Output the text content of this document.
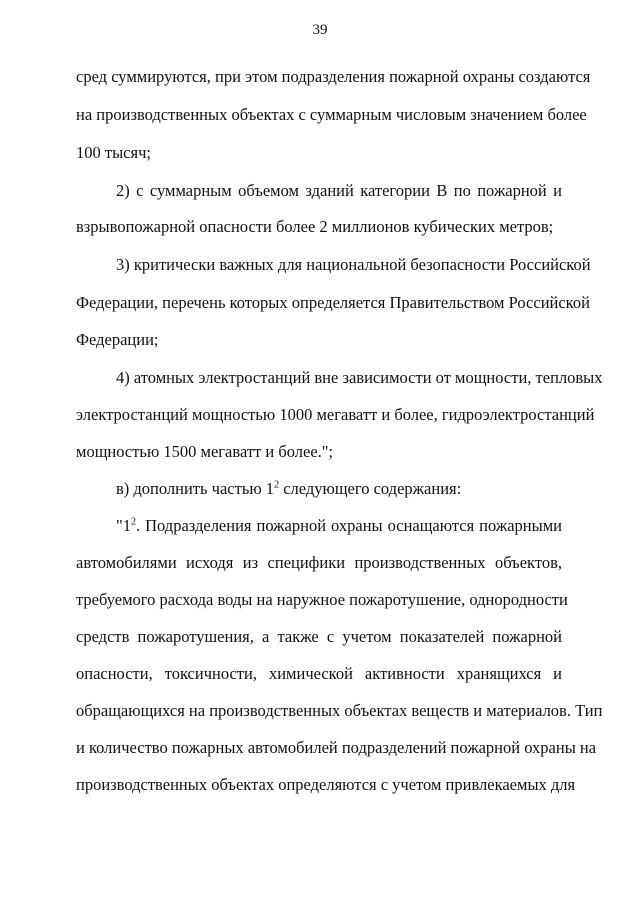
39
сред суммируются, при этом подразделения пожарной охраны создаются
на производственных объектах с суммарным числовым значением более
100 тысяч;
2) с суммарным объемом зданий категории В по пожарной и
взрывопожарной опасности более 2 миллионов кубических метров;
3) критически важных для национальной безопасности Российской
Федерации, перечень которых определяется Правительством Российской
Федерации;
4) атомных электростанций вне зависимости от мощности, тепловых
электростанций мощностью 1000 мегаватт и более, гидроэлектростанций
мощностью 1500 мегаватт и более.";
в) дополнить частью $1^2$ следующего содержания:
"$1^2$. Подразделения пожарной охраны оснащаются пожарными
автомобилями исходя из специфики производственных объектов,
требуемого расхода воды на наружное пожаротушение, однородности
средств пожаротушения, а также с учетом показателей пожарной
опасности, токсичности, химической активности хранящихся и
обращающихся на производственных объектах веществ и материалов. Тип
и количество пожарных автомобилей подразделений пожарной охраны на
производственных объектах определяются с учетом привлекаемых для
